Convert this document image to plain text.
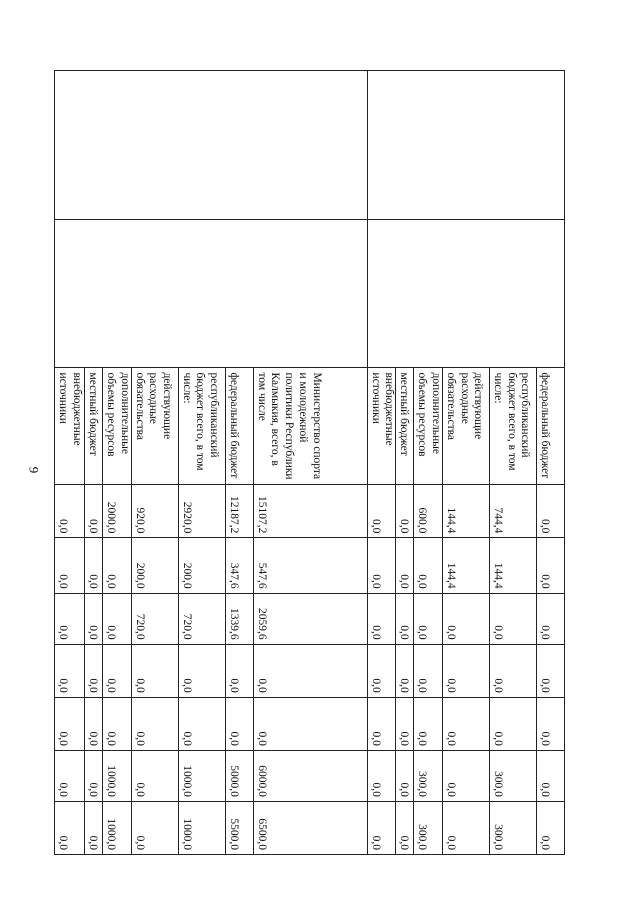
9
			федеральный бюджет	0,0	0,0	0,0	0,0	0,0	0,0	0,0
		республиканский бюджет всего, в том числе:	744,4	144,4	0,0	0,0	0,0	300,0	300,0
		действующие расходные обязательства	144,4	144,4	0,0	0,0	0,0	0,0	0,0
		дополнительные объемы ресурсов	600,0	0,0	0,0	0,0	0,0	300,0	300,0
		местный бюджет	0,0	0,0	0,0	0,0	0,0	0,0	0,0
		внебюджетные источники	0,0	0,0	0,0	0,0	0,0	0,0	0,0
		Министерство спорта и молодежной политики Республики Калмыкия, всего, в том числе	15107,2	547,6	2059,6	0,0	0,0	6000,0	6500,0
		федеральный бюджет	12187,2	347,6	1339,6	0,0	0,0	5000,0	5500,0
		республиканский бюджет всего, в том числе:	2920,0	200,0	720,0	0,0	0,0	1000,0	1000,0
		действующие расходные обязательства	920,0	200,0	720,0	0,0	0,0	0,0	0,0
		дополнительные объемы ресурсов	2000,0	0,0	0,0	0,0	0,0	1000,0	1000,0
		местный бюджет	0,0	0,0	0,0	0,0	0,0	0,0	0,0
		внебюджетные источники	0,0	0,0	0,0	0,0	0,0	0,0	0,0
